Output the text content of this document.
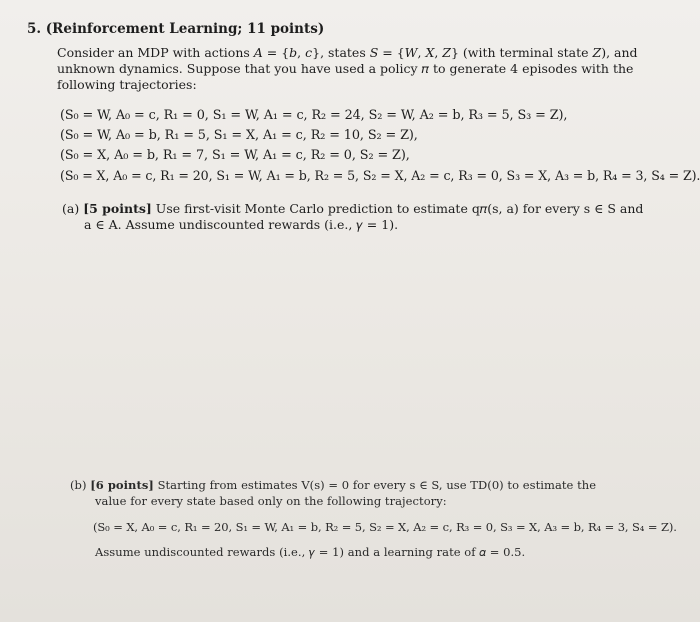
5. (Reinforcement Learning; 11 points)
Consider an MDP with actions 𝐴 = {𝑏, 𝑐}, states 𝑆 = {𝑊, 𝑋, 𝑍} (with terminal state 𝑍), and
unknown dynamics. Suppose that you have used a policy 𝜋 to generate 4 episodes with the
following trajectories:
(S₀ = W, A₀ = c, R₁ = 0, S₁ = W, A₁ = c, R₂ = 24, S₂ = W, A₂ = b, R₃ = 5, S₃ = Z),
(S₀ = W, A₀ = b, R₁ = 5, S₁ = X, A₁ = c, R₂ = 10, S₂ = Z),
(S₀ = X, A₀ = b, R₁ = 7, S₁ = W, A₁ = c, R₂ = 0, S₂ = Z),
(S₀ = X, A₀ = c, R₁ = 20, S₁ = W, A₁ = b, R₂ = 5, S₂ = X, A₂ = c, R₃ = 0, S₃ = X, A₃ = b, R₄ = 3, S₄ = Z).
(a) [5 points] Use first-visit Monte Carlo prediction to estimate q𝜋(s, a) for every s ∈ S and
a ∈ A. Assume undiscounted rewards (i.e., 𝛾 = 1).
(b) [6 points] Starting from estimates V(s) = 0 for every s ∈ S, use TD(0) to estimate the
value for every state based only on the following trajectory:
(S₀ = X, A₀ = c, R₁ = 20, S₁ = W, A₁ = b, R₂ = 5, S₂ = X, A₂ = c, R₃ = 0, S₃ = X, A₃ = b, R₄ = 3, S₄ = Z).
Assume undiscounted rewards (i.e., 𝛾 = 1) and a learning rate of 𝛼 = 0.5.
